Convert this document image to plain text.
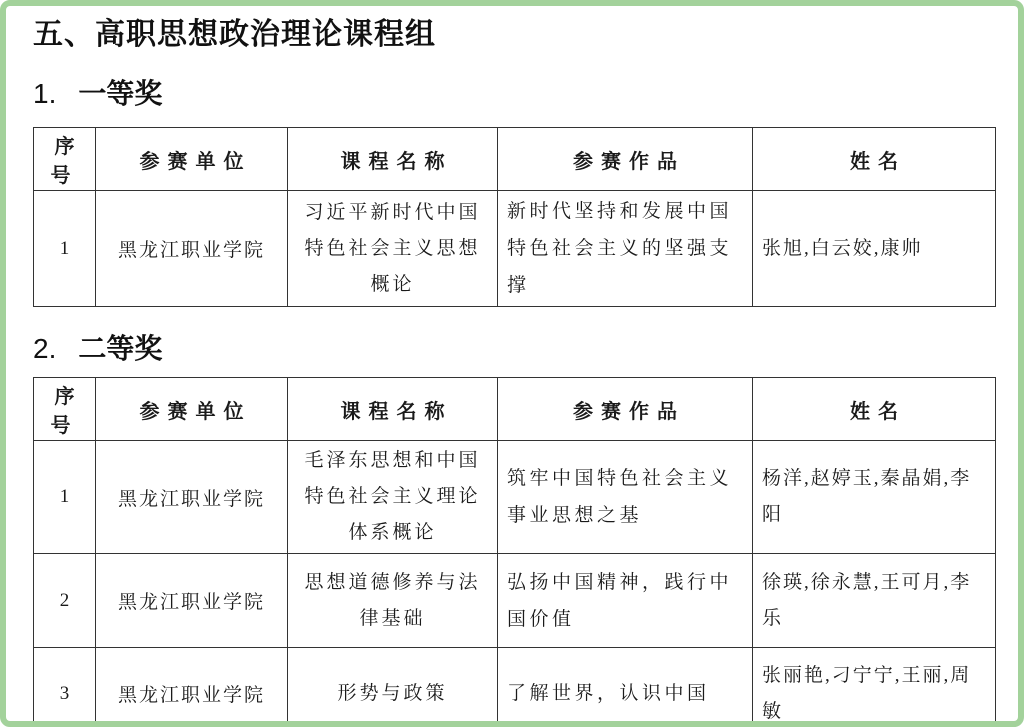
五、高职思想政治理论课程组
1. 一等奖
序号	参赛单位	课程名称	参赛作品	姓名
1	黑龙江职业学院	习近平新时代中国特色社会主义思想概论	新时代坚持和发展中国特色社会主义的坚强支撑	张旭,白云姣,康帅
2. 二等奖
序号	参赛单位	课程名称	参赛作品	姓名
1	黑龙江职业学院	毛泽东思想和中国特色社会主义理论体系概论	筑牢中国特色社会主义事业思想之基	杨洋,赵婷玉,秦晶娟,李阳
2	黑龙江职业学院	思想道德修养与法律基础	弘扬中国精神，践行中国价值	徐瑛,徐永慧,王可月,李乐
3	黑龙江职业学院	形势与政策	了解世界，认识中国	张丽艳,刁宁宁,王丽,周敏
